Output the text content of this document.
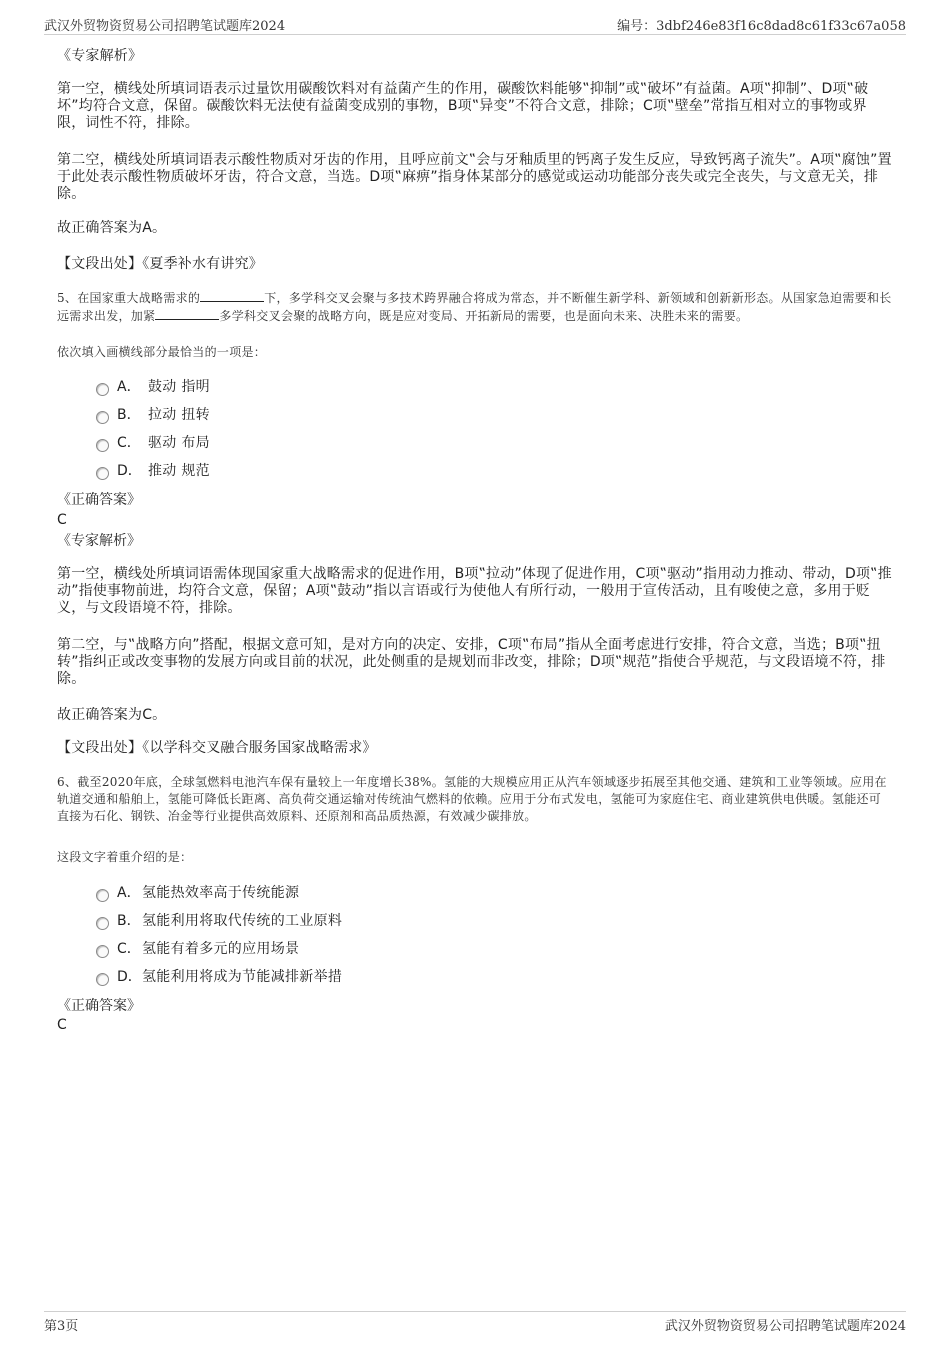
武汉外贸物资贸易公司招聘笔试题库2024	编号：3dbf246e83f16c8dad8c61f33c67a058
《专家解析》
第一空，横线处所填词语表示过量饮用碳酸饮料对有益菌产生的作用，碳酸饮料能够‟抑制”或‟破坏”有益菌。A项‟抑制”、D项‟破坏”均符合文意，保留。碳酸饮料无法使有益菌变成别的事物，B项‟异变”不符合文意，排除；C项‟壁垒”常指互相对立的事物或界限，词性不符，排除。
第二空，横线处所填词语表示酸性物质对牙齿的作用，且呼应前文‟会与牙釉质里的钙离子发生反应，导致钙离子流失”。A项‟腐蚀”置于此处表示酸性物质破坏牙齿，符合文意，当选。D项‟麻痹”指身体某部分的感觉或运动功能部分丧失或完全丧失，与文意无关，排除。
故正确答案为A。
【文段出处】《夏季补水有讲究》
5、在国家重大战略需求的	下，多学科交叉会聚与多技术跨界融合将成为常态，并不断催生新学科、新领域和创新新形态。从国家急迫需要和长远需求出发，加紧	多学科交叉会聚的战略方向，既是应对变局、开拓新局的需要，也是面向未来、决胜未来的需要。
依次填入画横线部分最恰当的一项是：
A． 鼓动 指明
B． 拉动 扭转
C． 驱动 布局
D． 推动 规范
《正确答案》
C
《专家解析》
第一空，横线处所填词语需体现国家重大战略需求的促进作用，B项‟拉动”体现了促进作用，C项‟驱动”指用动力推动、带动，D项‟推动”指使事物前进，均符合文意，保留；A项‟鼓动”指以言语或行为使他人有所行动，一般用于宣传活动，且有唆使之意，多用于贬义，与文段语境不符，排除。
第二空，与‟战略方向”搭配，根据文意可知，是对方向的决定、安排，C项‟布局”指从全面考虑进行安排，符合文意，当选；B项‟扭转”指纠正或改变事物的发展方向或目前的状况，此处侧重的是规划而非改变，排除；D项‟规范”指使合乎规范，与文段语境不符，排除。
故正确答案为C。
【文段出处】《以学科交叉融合服务国家战略需求》
6、截至2020年底，全球氢燃料电池汽车保有量较上一年度增长38%。氢能的大规模应用正从汽车领域逐步拓展至其他交通、建筑和工业等领域。应用在轨道交通和船舶上，氢能可降低长距离、高负荷交通运输对传统油气燃料的依赖。应用于分布式发电，氢能可为家庭住宅、商业建筑供电供暖。氢能还可直接为石化、钢铁、冶金等行业提供高效原料、还原剂和高品质热源，有效减少碳排放。
这段文字着重介绍的是：
A． 氢能热效率高于传统能源
B． 氢能利用将取代传统的工业原料
C． 氢能有着多元的应用场景
D． 氢能利用将成为节能减排新举措
《正确答案》
C
第3页	武汉外贸物资贸易公司招聘笔试题库2024
